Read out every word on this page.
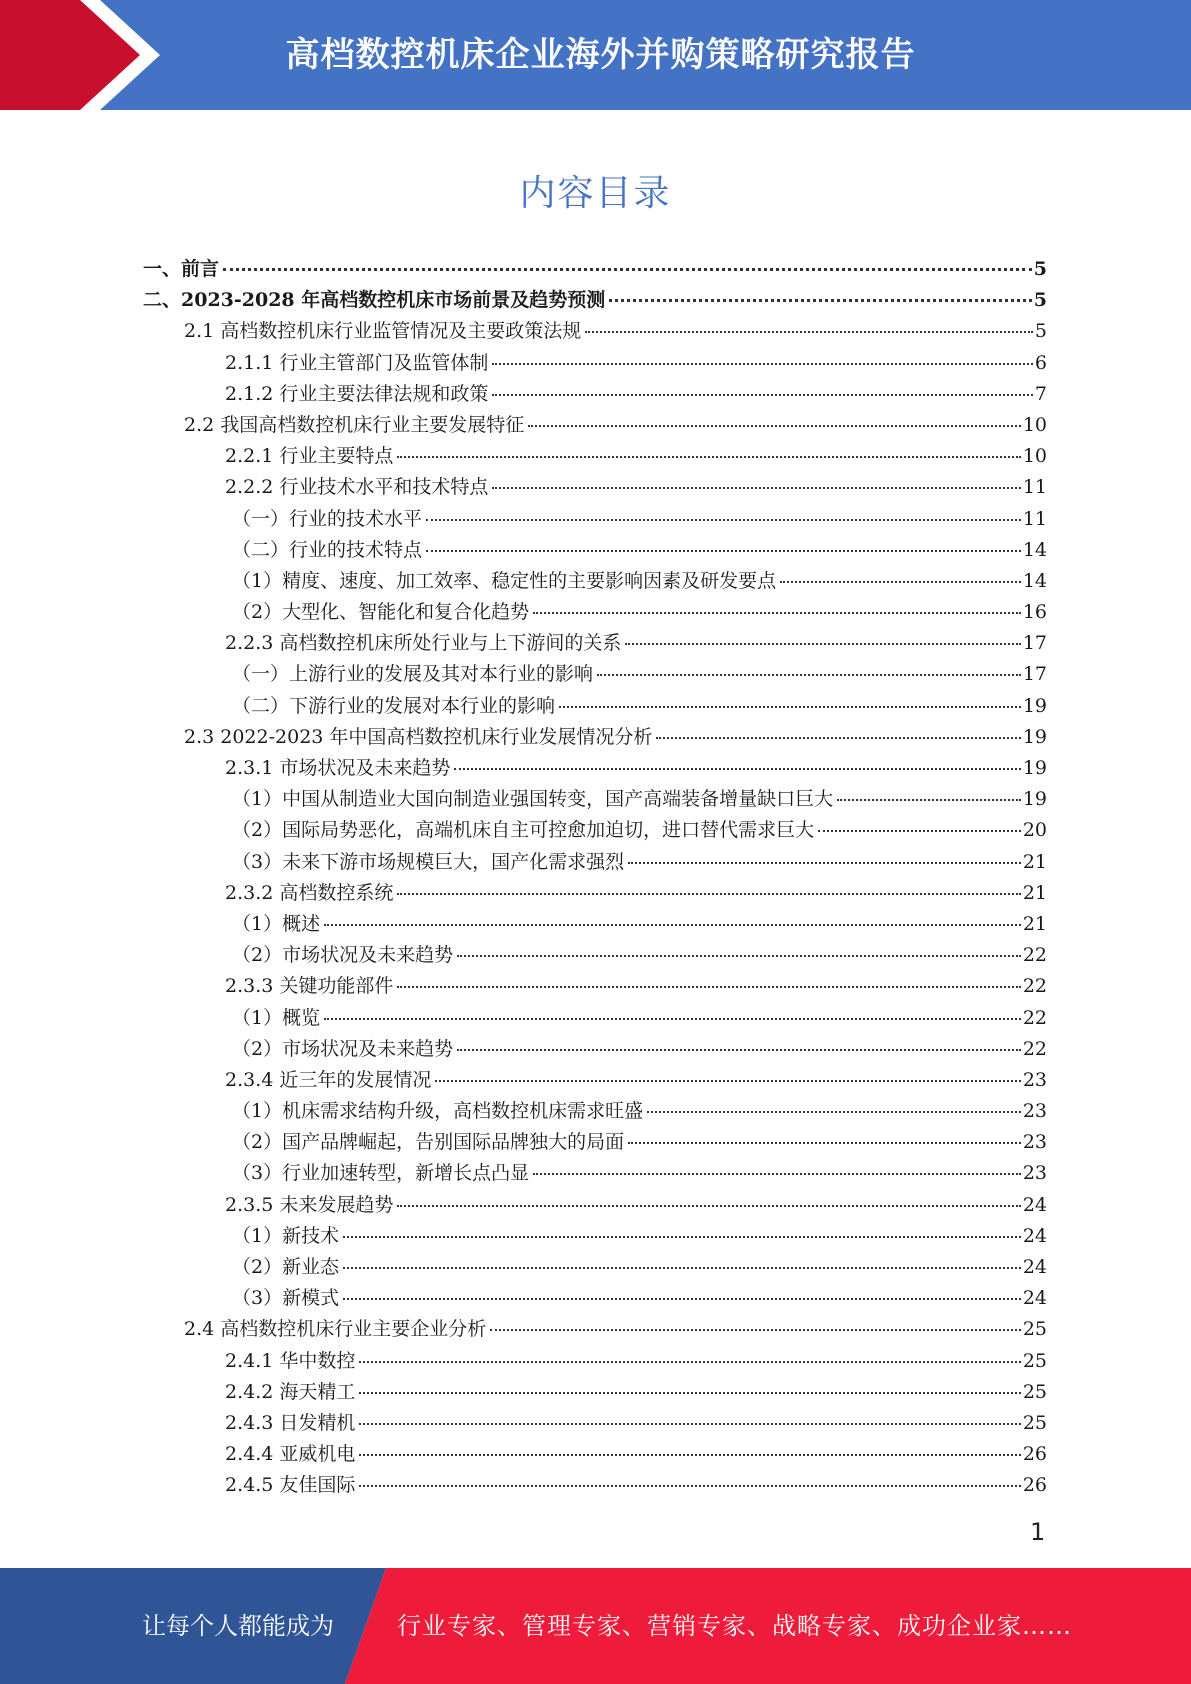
高档数控机床企业海外并购策略研究报告
内容目录
一、前言	5
二、2023-2028 年高档数控机床市场前景及趋势预测	5
2.1 高档数控机床行业监管情况及主要政策法规	5
2.1.1 行业主管部门及监管体制	6
2.1.2 行业主要法律法规和政策	7
2.2 我国高档数控机床行业主要发展特征	10
2.2.1 行业主要特点	10
2.2.2 行业技术水平和技术特点	11
（一）行业的技术水平	11
（二）行业的技术特点	14
（1）精度、速度、加工效率、稳定性的主要影响因素及研发要点	14
（2）大型化、智能化和复合化趋势	16
2.2.3 高档数控机床所处行业与上下游间的关系	17
（一）上游行业的发展及其对本行业的影响	17
（二）下游行业的发展对本行业的影响	19
2.3 2022-2023 年中国高档数控机床行业发展情况分析	19
2.3.1 市场状况及未来趋势	19
（1）中国从制造业大国向制造业强国转变，国产高端装备增量缺口巨大	19
（2）国际局势恶化，高端机床自主可控愈加迫切，进口替代需求巨大	20
（3）未来下游市场规模巨大，国产化需求强烈	21
2.3.2 高档数控系统	21
（1）概述	21
（2）市场状况及未来趋势	22
2.3.3 关键功能部件	22
（1）概览	22
（2）市场状况及未来趋势	22
2.3.4 近三年的发展情况	23
（1）机床需求结构升级，高档数控机床需求旺盛	23
（2）国产品牌崛起，告别国际品牌独大的局面	23
（3）行业加速转型，新增长点凸显	23
2.3.5 未来发展趋势	24
（1）新技术	24
（2）新业态	24
（3）新模式	24
2.4 高档数控机床行业主要企业分析	25
2.4.1 华中数控	25
2.4.2 海天精工	25
2.4.3 日发精机	25
2.4.4 亚威机电	26
2.4.5 友佳国际	26
1
让每个人都能成为	行业专家、管理专家、营销专家、战略专家、成功企业家……
